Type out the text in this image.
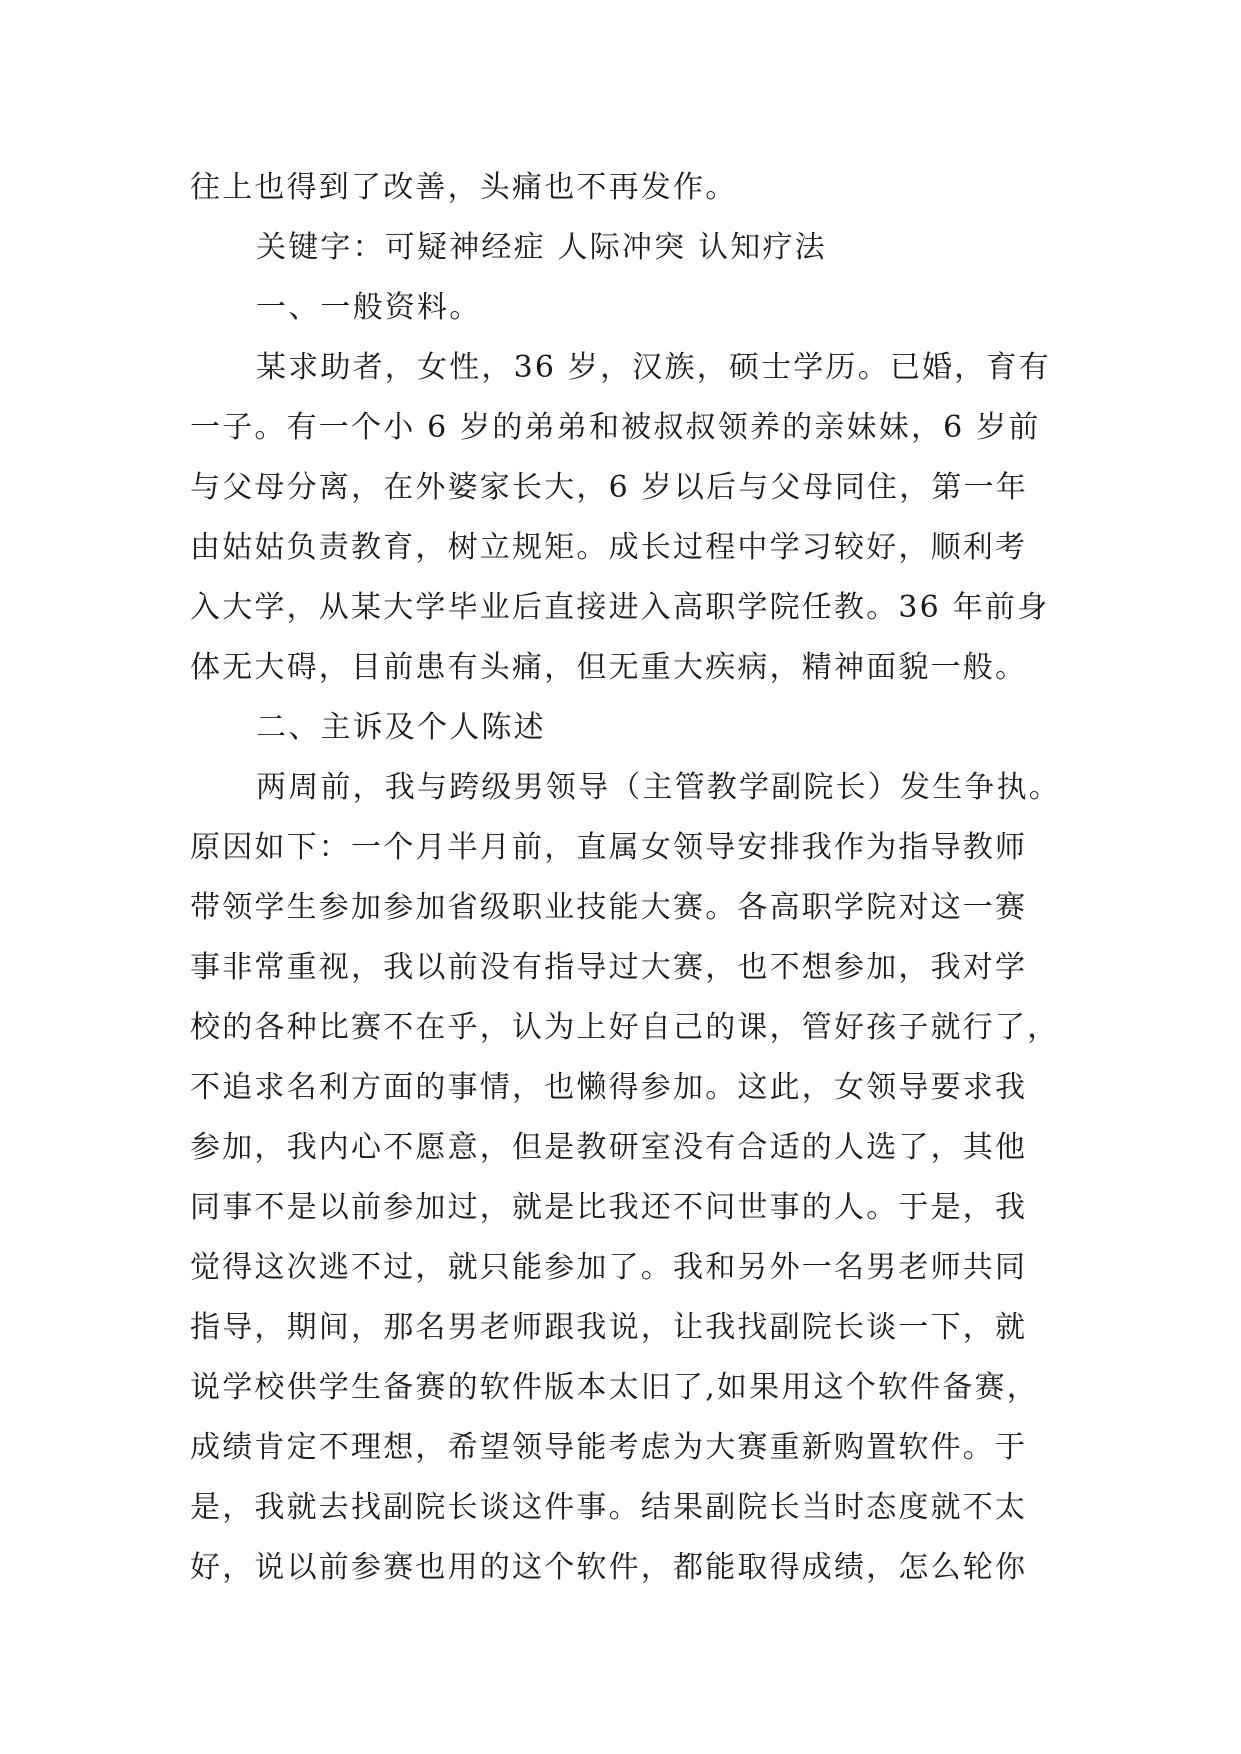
往上也得到了改善，头痛也不再发作。
关键字：可疑神经症 人际冲突 认知疗法
一、一般资料。
某求助者，女性，36 岁，汉族，硕士学历。已婚，育有
一子。有一个小 6 岁的弟弟和被叔叔领养的亲妹妹，6 岁前
与父母分离，在外婆家长大，6 岁以后与父母同住，第一年
由姑姑负责教育，树立规矩。成长过程中学习较好，顺利考
入大学，从某大学毕业后直接进入高职学院任教。36 年前身
体无大碍，目前患有头痛，但无重大疾病，精神面貌一般。
二、主诉及个人陈述
两周前，我与跨级男领导（主管教学副院长）发生争执。
原因如下：一个月半月前，直属女领导安排我作为指导教师
带领学生参加参加省级职业技能大赛。各高职学院对这一赛
事非常重视，我以前没有指导过大赛，也不想参加，我对学
校的各种比赛不在乎，认为上好自己的课，管好孩子就行了，
不追求名利方面的事情，也懒得参加。这此，女领导要求我
参加，我内心不愿意，但是教研室没有合适的人选了，其他
同事不是以前参加过，就是比我还不问世事的人。于是，我
觉得这次逃不过，就只能参加了。我和另外一名男老师共同
指导，期间，那名男老师跟我说，让我找副院长谈一下，就
说学校供学生备赛的软件版本太旧了,如果用这个软件备赛，
成绩肯定不理想，希望领导能考虑为大赛重新购置软件。于
是，我就去找副院长谈这件事。结果副院长当时态度就不太
好，说以前参赛也用的这个软件，都能取得成绩，怎么轮你
